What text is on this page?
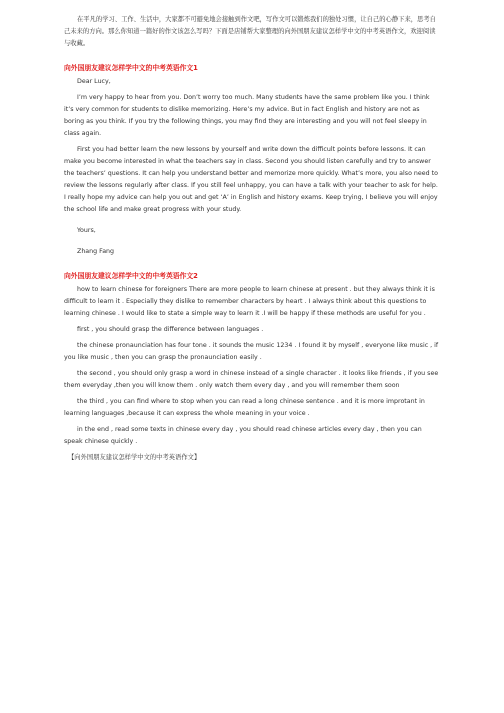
在平凡的学习、工作、生活中，大家都不可避免地会接触到作文吧，写作文可以锻炼我们的独处习惯，让自己的心静下来，思考自己未来的方向。那么你知道一篇好的作文该怎么写吗？下面是店铺帮大家整理的向外国朋友建议怎样学中文的中考英语作文，欢迎阅读与收藏。

向外国朋友建议怎样学中文的中考英语作文1

Dear Lucy,

I’m very happy to hear from you. Don’t worry too much. Many students have the same problem like you. I think it’s very common for students to dislike memorizing. Here’s my advice. But in fact English and history are not as boring as you think. If you try the following things, you may find they are interesting and you will not feel sleepy in class again.

First you had better learn the new lessons by yourself and write down the difficult points before lessons. It can make you become interested in what the teachers say in class. Second you should listen carefully and try to answer the teachers’ questions. It can help you understand better and memorize more quickly. What’s more, you also need to review the lessons regularly after class. If you still feel unhappy, you can have a talk with your teacher to ask for help. I really hope my advice can help you out and get ‘A’ in English and history exams. Keep trying, I believe you will enjoy the school life and make great progress with your study.

Yours,

Zhang Fang

向外国朋友建议怎样学中文的中考英语作文2

how to learn chinese for foreigners There are more people to learn chinese at present . but they always think it is difficult to learn it . Especially they dislike to remember characters by heart . I always think about this questions to learning chinese . I would like to state a simple way to learn it .I will be happy if these methods are useful for you .

first , you should grasp the difference between languages .

the chinese pronaunciation has four tone . it sounds the music 1234 . I found it by myself , everyone like music , if you like music , then you can grasp the pronaunciation easily .

the second , you should only grasp a word in chinese instead of a single character . it looks like friends , if you see them everyday ,then you will know them . only watch them every day , and you will remember them soon

the third , you can find where to stop when you can read a long chinese sentence . and it is more improtant in learning languages ,because it can express the whole meaning in your voice .

in the end , read some texts in chinese every day , you should read chinese articles every day , then you can speak chinese quickly .

【向外国朋友建议怎样学中文的中考英语作文】
